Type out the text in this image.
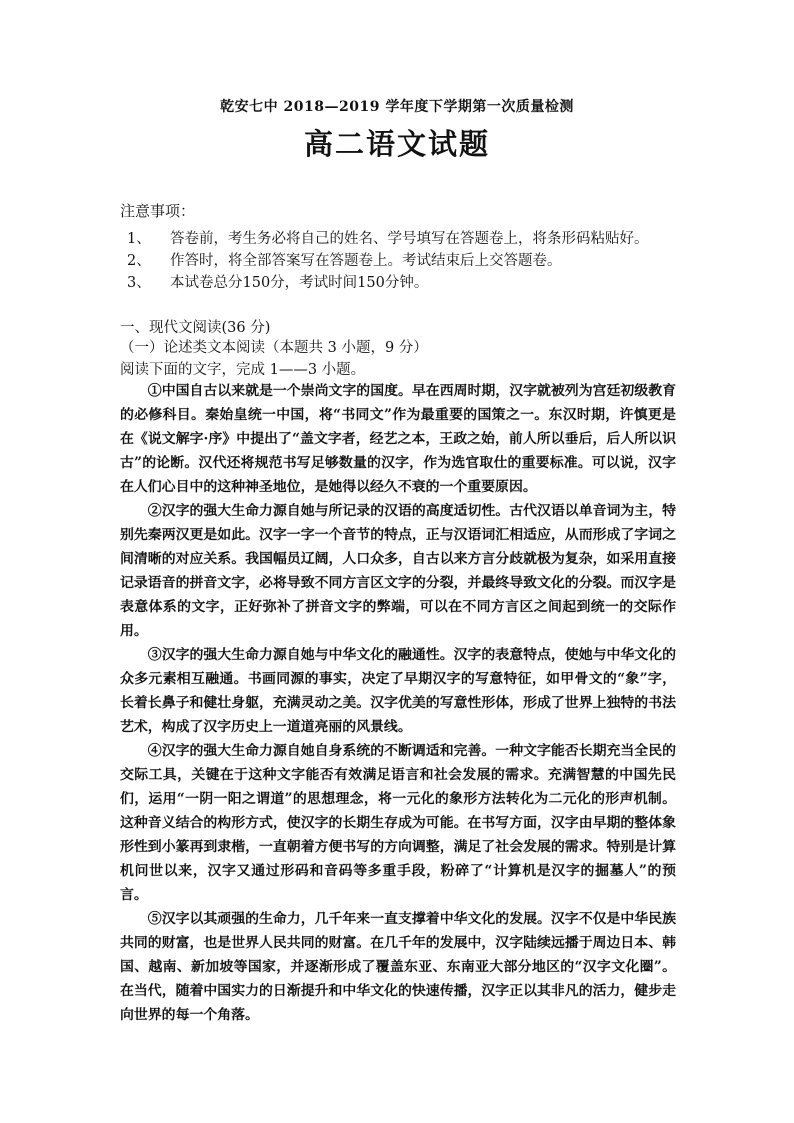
乾安七中 2018—2019 学年度下学期第一次质量检测
高二语文试题
注意事项：
1、 答卷前，考生务必将自己的姓名、学号填写在答题卷上，将条形码粘贴好。
2、 作答时，将全部答案写在答题卷上。考试结束后上交答题卷。
3、 本试卷总分150分，考试时间150分钟。
一、现代文阅读(36 分)
（一）论述类文本阅读（本题共 3 小题，9 分）
阅读下面的文字，完成 1——3 小题。

①中国自古以来就是一个崇尚文字的国度。早在西周时期，汉字就被列为宫廷初级教育的必修科目。秦始皇统一中国，将“书同文”作为最重要的国策之一。东汉时期，许慎更是在《说文解字·序》中提出了“盖文字者，经艺之本，王政之始，前人所以垂后，后人所以识古”的论断。汉代还将规范书写足够数量的汉字，作为选官取仕的重要标准。可以说，汉字在人们心目中的这种神圣地位，是她得以经久不衰的一个重要原因。

②汉字的强大生命力源自她与所记录的汉语的高度适切性。古代汉语以单音词为主，特别先秦两汉更是如此。汉字一字一个音节的特点，正与汉语词汇相适应，从而形成了字词之间清晰的对应关系。我国幅员辽阔，人口众多，自古以来方言分歧就极为复杂，如采用直接记录语音的拼音文字，必将导致不同方言区文字的分裂，并最终导致文化的分裂。而汉字是表意体系的文字，正好弥补了拼音文字的弊端，可以在不同方言区之间起到统一的交际作用。

③汉字的强大生命力源自她与中华文化的融通性。汉字的表意特点，使她与中华文化的众多元素相互融通。书画同源的事实，决定了早期汉字的写意特征，如甲骨文的“象”字，长着长鼻子和健壮身躯，充满灵动之美。汉字优美的写意性形体，形成了世界上独特的书法艺术，构成了汉字历史上一道道亮丽的风景线。

④汉字的强大生命力源自她自身系统的不断调适和完善。一种文字能否长期充当全民的交际工具，关键在于这种文字能否有效满足语言和社会发展的需求。充满智慧的中国先民们，运用“一阴一阳之谓道”的思想理念，将一元化的象形方法转化为二元化的形声机制。这种音义结合的构形方式，使汉字的长期生存成为可能。在书写方面，汉字由早期的整体象形性到小篆再到隶楷，一直朝着方便书写的方向调整，满足了社会发展的需求。特别是计算机问世以来，汉字又通过形码和音码等多重手段，粉碎了“计算机是汉字的掘墓人”的预言。

⑤汉字以其顽强的生命力，几千年来一直支撑着中华文化的发展。汉字不仅是中华民族共同的财富，也是世界人民共同的财富。在几千年的发展中，汉字陆续远播于周边日本、韩国、越南、新加坡等国家，并逐渐形成了覆盖东亚、东南亚大部分地区的“汉字文化圈”。在当代，随着中国实力的日渐提升和中华文化的快速传播，汉字正以其非凡的活力，健步走向世界的每一个角落。
